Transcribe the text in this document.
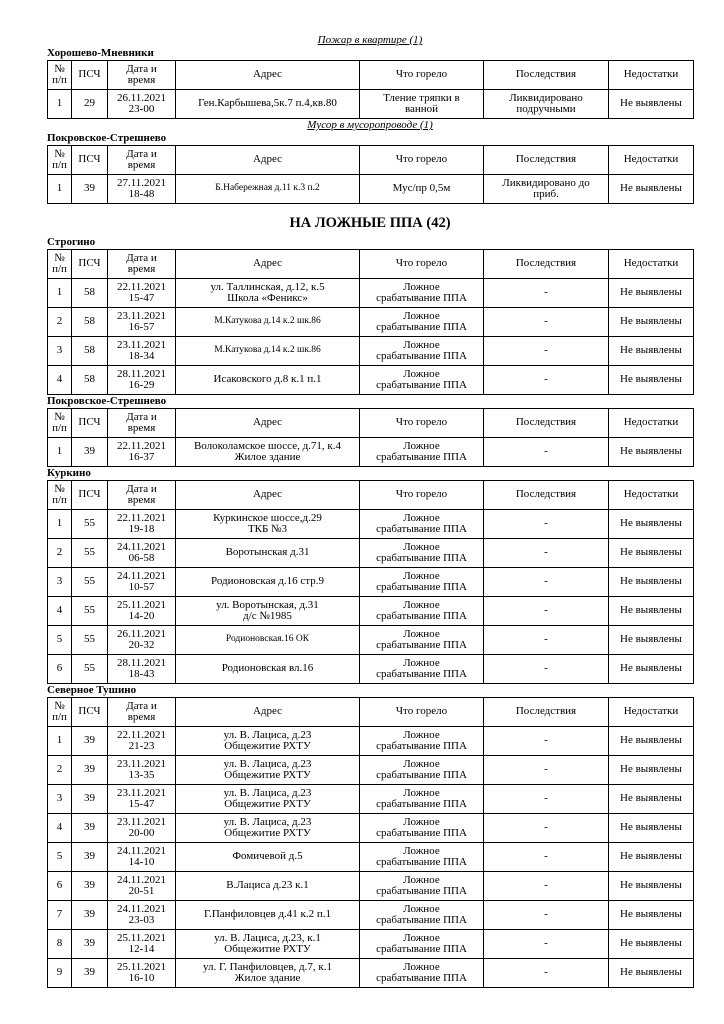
Пожар в квартире (1)
Хорошево-Мневники
№
п/п	ПСЧ	Дата и
время	Адрес	Что горело	Последствия	Недостатки
1	29	26.11.2021
23-00	Ген.Карбышева,5к.7 п.4,кв.80	Тление тряпки в
ванной	Ликвидировано
подручными	Не выявлены
Мусор в мусоропроводе (1)
Покровское-Стрешнево
№
п/п	ПСЧ	Дата и
время	Адрес	Что горело	Последствия	Недостатки
1	39	27.11.2021
18-48	Б.Набережная д.11 к.3 п.2	Мус/пр 0,5м	Ликвидировано до
приб.	Не выявлены
НА ЛОЖНЫЕ ППА (42)
Строгино
№
п/п	ПСЧ	Дата и
время	Адрес	Что горело	Последствия	Недостатки
1	58	22.11.2021
15-47	ул. Таллинская, д.12, к.5
Школа «Феникс»	Ложное
срабатывание ППА	-	Не выявлены
2	58	23.11.2021
16-57	М.Катукова д.14 к.2 шк.86	Ложное
срабатывание ППА	-	Не выявлены
3	58	23.11.2021
18-34	М.Катукова д.14 к.2 шк.86	Ложное
срабатывание ППА	-	Не выявлены
4	58	28.11.2021
16-29	Исаковского д.8 к.1 п.1	Ложное
срабатывание ППА	-	Не выявлены
Покровское-Стрешнево
№
п/п	ПСЧ	Дата и
время	Адрес	Что горело	Последствия	Недостатки
1	39	22.11.2021
16-37	Волоколамское шоссе, д.71, к.4
Жилое здание	Ложное
срабатывание ППА	-	Не выявлены
Куркино
№
п/п	ПСЧ	Дата и
время	Адрес	Что горело	Последствия	Недостатки
1	55	22.11.2021
19-18	Куркинское шоссе,д.29
ТКБ №3	Ложное
срабатывание ППА	-	Не выявлены
2	55	24.11.2021
06-58	Воротынская д.31	Ложное
срабатывание ППА	-	Не выявлены
3	55	24.11.2021
10-57	Родионовская д.16 стр.9	Ложное
срабатывание ППА	-	Не выявлены
4	55	25.11.2021
14-20	ул. Воротынская, д.31
д/с №1985	Ложное
срабатывание ППА	-	Не выявлены
5	55	26.11.2021
20-32	Родионовская.16 ОК	Ложное
срабатывание ППА	-	Не выявлены
6	55	28.11.2021
18-43	Родионовская вл.16	Ложное
срабатывание ППА	-	Не выявлены
Северное Тушино
№
п/п	ПСЧ	Дата и
время	Адрес	Что горело	Последствия	Недостатки
1	39	22.11.2021
21-23	ул. В. Лациса, д.23
Общежитие РХТУ	Ложное
срабатывание ППА	-	Не выявлены
2	39	23.11.2021
13-35	ул. В. Лациса, д.23
Общежитие РХТУ	Ложное
срабатывание ППА	-	Не выявлены
3	39	23.11.2021
15-47	ул. В. Лациса, д.23
Общежитие РХТУ	Ложное
срабатывание ППА	-	Не выявлены
4	39	23.11.2021
20-00	ул. В. Лациса, д.23
Общежитие РХТУ	Ложное
срабатывание ППА	-	Не выявлены
5	39	24.11.2021
14-10	Фомичевой д.5	Ложное
срабатывание ППА	-	Не выявлены
6	39	24.11.2021
20-51	В.Лациса д.23 к.1	Ложное
срабатывание ППА	-	Не выявлены
7	39	24.11.2021
23-03	Г.Панфиловцев д.41 к.2 п.1	Ложное
срабатывание ППА	-	Не выявлены
8	39	25.11.2021
12-14	ул. В. Лациса, д.23, к.1
Общежитие РХТУ	Ложное
срабатывание ППА	-	Не выявлены
9	39	25.11.2021
16-10	ул. Г. Панфиловцев, д.7, к.1
Жилое здание	Ложное
срабатывание ППА	-	Не выявлены
